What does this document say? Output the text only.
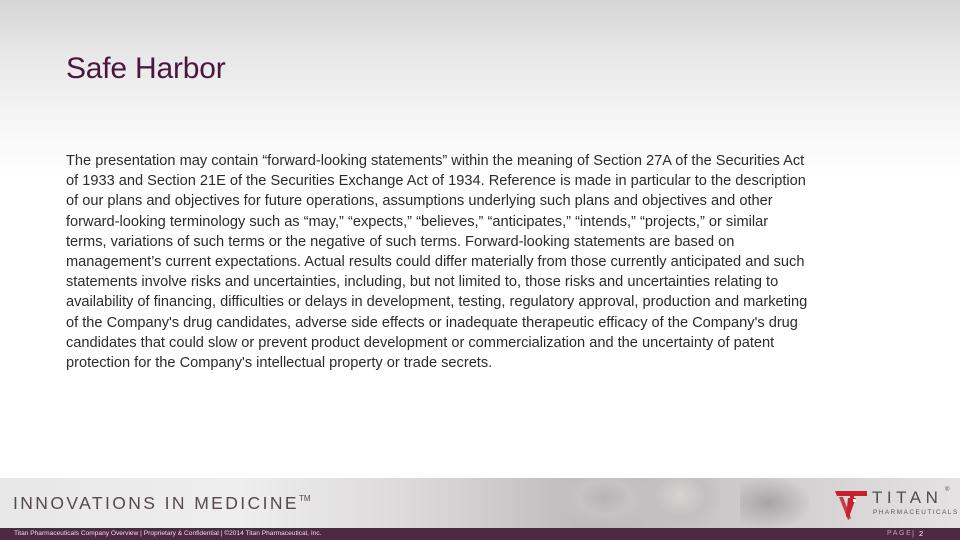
Safe Harbor
The presentation may contain “forward-looking statements” within the meaning of Section 27A of the Securities Act
of 1933 and Section 21E of the Securities Exchange Act of 1934. Reference is made in particular to the description
of our plans and objectives for future operations, assumptions underlying such plans and objectives and other
forward-looking terminology such as “may,” “expects,” “believes,” “anticipates,” “intends,” “projects,” or similar
terms, variations of such terms or the negative of such terms. Forward-looking statements are based on
management’s current expectations. Actual results could differ materially from those currently anticipated and such
statements involve risks and uncertainties, including, but not limited to, those risks and uncertainties relating to
availability of financing, difficulties or delays in development, testing, regulatory approval, production and marketing
of the Company's drug candidates, adverse side effects or inadequate therapeutic efficacy of the Company's drug
candidates that could slow or prevent product development or commercialization and the uncertainty of patent
protection for the Company's intellectual property or trade secrets.
INNOVATIONS IN MEDICINE™	TITAN
PHARMACEUTICALS
®
Titan Pharmaceuticals Company Overview | Proprietary & Confidential | ©2014 Titan Pharmaceutical, Inc.	PAGE | 2
